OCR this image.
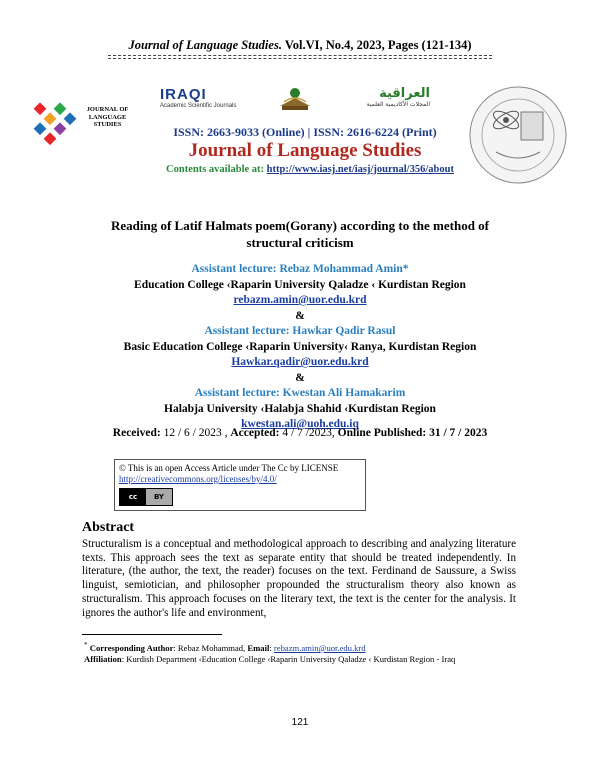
Journal of Language Studies. Vol.VI, No.4, 2023, Pages (121-134)
JOURNAL OF LANGUAGE STUDIES
IRAQI
Academic Scientific Journals
العراقية
المجلات الأكاديمية العلمية
ISSN: 2663-9033 (Online) | ISSN: 2616-6224 (Print)
Journal of Language Studies
Contents available at: http://www.iasj.net/iasj/journal/356/about
Reading of Latif Halmats poem(Gorany) according to the method of structural criticism
Assistant lecture: Rebaz Mohammad Amin*
Education College ‹Raparin University Qaladze ‹ Kurdistan Region
rebazm.amin@uor.edu.krd
&
Assistant lecture: Hawkar Qadir Rasul
Basic Education College ‹Raparin University‹ Ranya, Kurdistan Region
Hawkar.qadir@uor.edu.krd
&
Assistant lecture: Kwestan Ali Hamakarim
Halabja University ‹Halabja Shahid ‹Kurdistan Region
kwestan.ali@uoh.edu.iq
Received: 12 / 6 / 2023 , Accepted: 4 / 7 /2023, Online Published: 31 / 7 / 2023
© This is an open Access Article under The Cc by LICENSE
http://creativecommons.org/licenses/by/4.0/
cc	BY
Abstract
Structuralism is a conceptual and methodological approach to describing and analyzing literature texts. This approach sees the text as separate entity that should be treated independently. In literature, (the author, the text, the reader) focuses on the text. Ferdinand de Saussure, a Swiss linguist, semiotician, and philosopher propounded the structuralism theory also known as structuralism. This approach focuses on the literary text, the text is the center for the analysis. It ignores the author's life and environment,
* Corresponding Author: Rebaz Mohammad, Email: rebazm.amin@uor.edu.krd
Affiliation: Kurdish Department ‹Education College ‹Raparin University Qaladze ‹ Kurdistan Region - Iraq
121
